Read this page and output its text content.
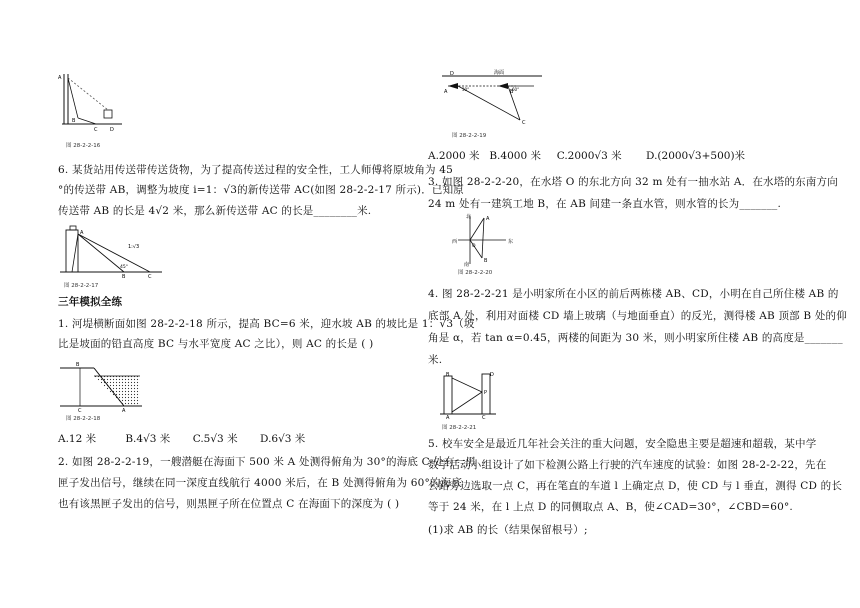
A
B
C	D
图 28-2-2-16
6. 某货站用传送带传送货物，为了提高传送过程的安全性，工人师傅将原坡角为 45
°的传送带 AB，调整为坡度 i=1：√3的新传送带 AC(如图 28-2-2-17 所示)．已知原
传送带 AB 的长是 4√2 米，那么新传送带 AC 的长是________米.
A
1:√3
45°
B	C
图 28-2-2-17
三年模拟全练
1. 河堤横断面如图 28-2-2-18 所示，提高 BC=6 米，迎水坡 AB 的坡比是 1：√3（坡
比是坡面的铅直高度 BC 与水平宽度 AC 之比），则 AC 的长是 ( )
B
C	A
图 28-2-2-18
A.12 米	B.4√3 米 C.5√3 米 D.6√3 米
2. 如图 28-2-2-19，一艘潜艇在海面下 500 米 A 处测得俯角为 30°的海底 C 处有一黑
匣子发出信号，继续在同一深度直线航行 4000 米后，在 B 处测得俯角为 60°的海底
也有该黑匣子发出的信号，则黑匣子所在位置点 C 在海面下的深度为 ( )
海面
D
A	30°	B
60°
C
图 28-2-2-19
A.2000 米 B.4000 米 C.2000√3 米 D.(2000√3+500)米
3. 如图 28-2-2-20，在水塔 O 的东北方向 32 m 处有一抽水站 A．在水塔的东南方向
24 m 处有一建筑工地 B，在 AB 间建一条直水管，则水管的长为_______.
北
西	东
南
A
B
O
图 28-2-2-20
4. 图 28-2-2-21 是小明家所在小区的前后两栋楼 AB、CD，小明在自己所住楼 AB 的
底部 A 处，利用对面楼 CD 墙上玻璃（与地面垂直）的反光，测得楼 AB 顶部 B 处的仰
角是 α，若 tan α=0.45，两楼的间距为 30 米，则小明家所住楼 AB 的高度是_______
米.
B
A
P
C
D
图 28-2-2-21
5. 校车安全是最近几年社会关注的重大问题，安全隐患主要是超速和超载，某中学
数学活动小组设计了如下检测公路上行驶的汽车速度的试验：如图 28-2-2-22，先在
公路旁边选取一点 C，再在笔直的车道 l 上确定点 D，使 CD 与 l 垂直，测得 CD 的长
等于 24 米，在 l 上点 D 的同侧取点 A、B，使∠CAD=30°，∠CBD=60°.
(1)求 AB 的长（结果保留根号）;
